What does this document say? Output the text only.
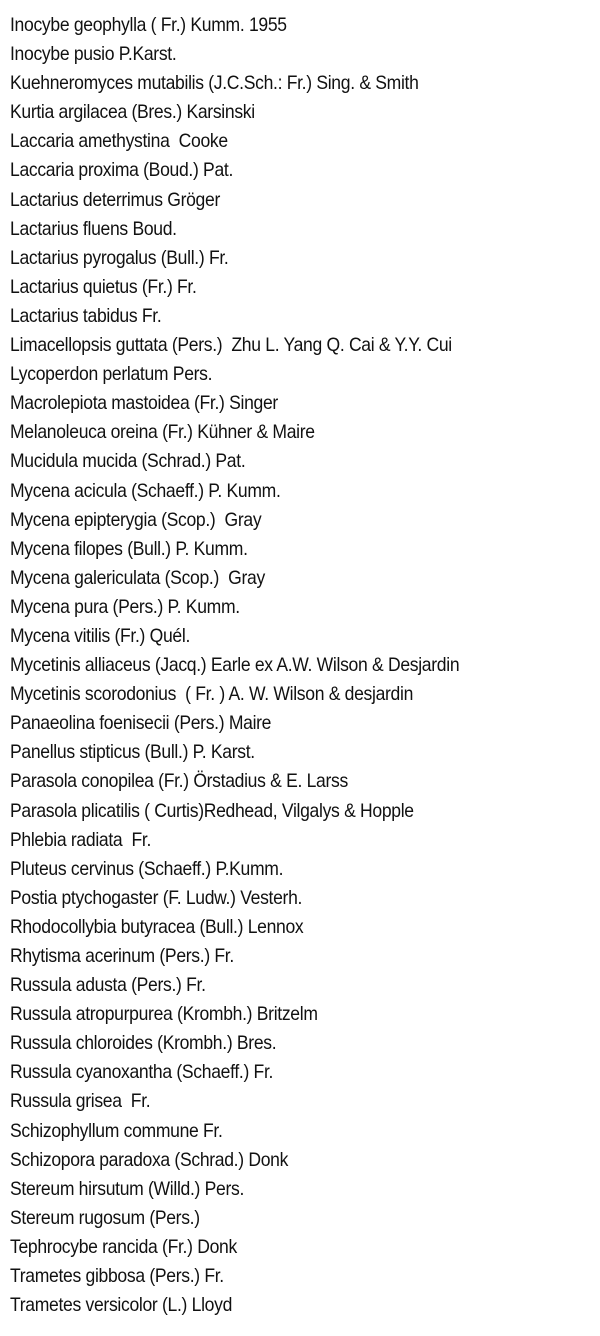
Inocybe geophylla ( Fr.) Kumm. 1955
Inocybe pusio P.Karst.
Kuehneromyces mutabilis (J.C.Sch.: Fr.) Sing. & Smith
Kurtia argilacea (Bres.) Karsinski
Laccaria amethystina  Cooke
Laccaria proxima (Boud.) Pat.
Lactarius deterrimus Gröger
Lactarius fluens Boud.
Lactarius pyrogalus (Bull.) Fr.
Lactarius quietus (Fr.) Fr.
Lactarius tabidus Fr.
Limacellopsis guttata (Pers.)  Zhu L. Yang Q. Cai & Y.Y. Cui
Lycoperdon perlatum Pers.
Macrolepiota mastoidea (Fr.) Singer
Melanoleuca oreina (Fr.) Kühner & Maire
Mucidula mucida (Schrad.) Pat.
Mycena acicula (Schaeff.) P. Kumm.
Mycena epipterygia (Scop.)  Gray
Mycena filopes (Bull.) P. Kumm.
Mycena galericulata (Scop.)  Gray
Mycena pura (Pers.) P. Kumm.
Mycena vitilis (Fr.) Quél.
Mycetinis alliaceus (Jacq.) Earle ex A.W. Wilson & Desjardin
Mycetinis scorodonius  ( Fr. ) A. W. Wilson & desjardin
Panaeolina foenisecii (Pers.) Maire
Panellus stipticus (Bull.) P. Karst.
Parasola conopilea (Fr.) Örstadius & E. Larss
Parasola plicatilis ( Curtis)Redhead, Vilgalys & Hopple
Phlebia radiata  Fr.
Pluteus cervinus (Schaeff.) P.Kumm.
Postia ptychogaster (F. Ludw.) Vesterh.
Rhodocollybia butyracea (Bull.) Lennox
Rhytisma acerinum (Pers.) Fr.
Russula adusta (Pers.) Fr.
Russula atropurpurea (Krombh.) Britzelm
Russula chloroides (Krombh.) Bres.
Russula cyanoxantha (Schaeff.) Fr.
Russula grisea  Fr.
Schizophyllum commune Fr.
Schizopora paradoxa (Schrad.) Donk
Stereum hirsutum (Willd.) Pers.
Stereum rugosum (Pers.)
Tephrocybe rancida (Fr.) Donk
Trametes gibbosa (Pers.) Fr.
Trametes versicolor (L.) Lloyd
